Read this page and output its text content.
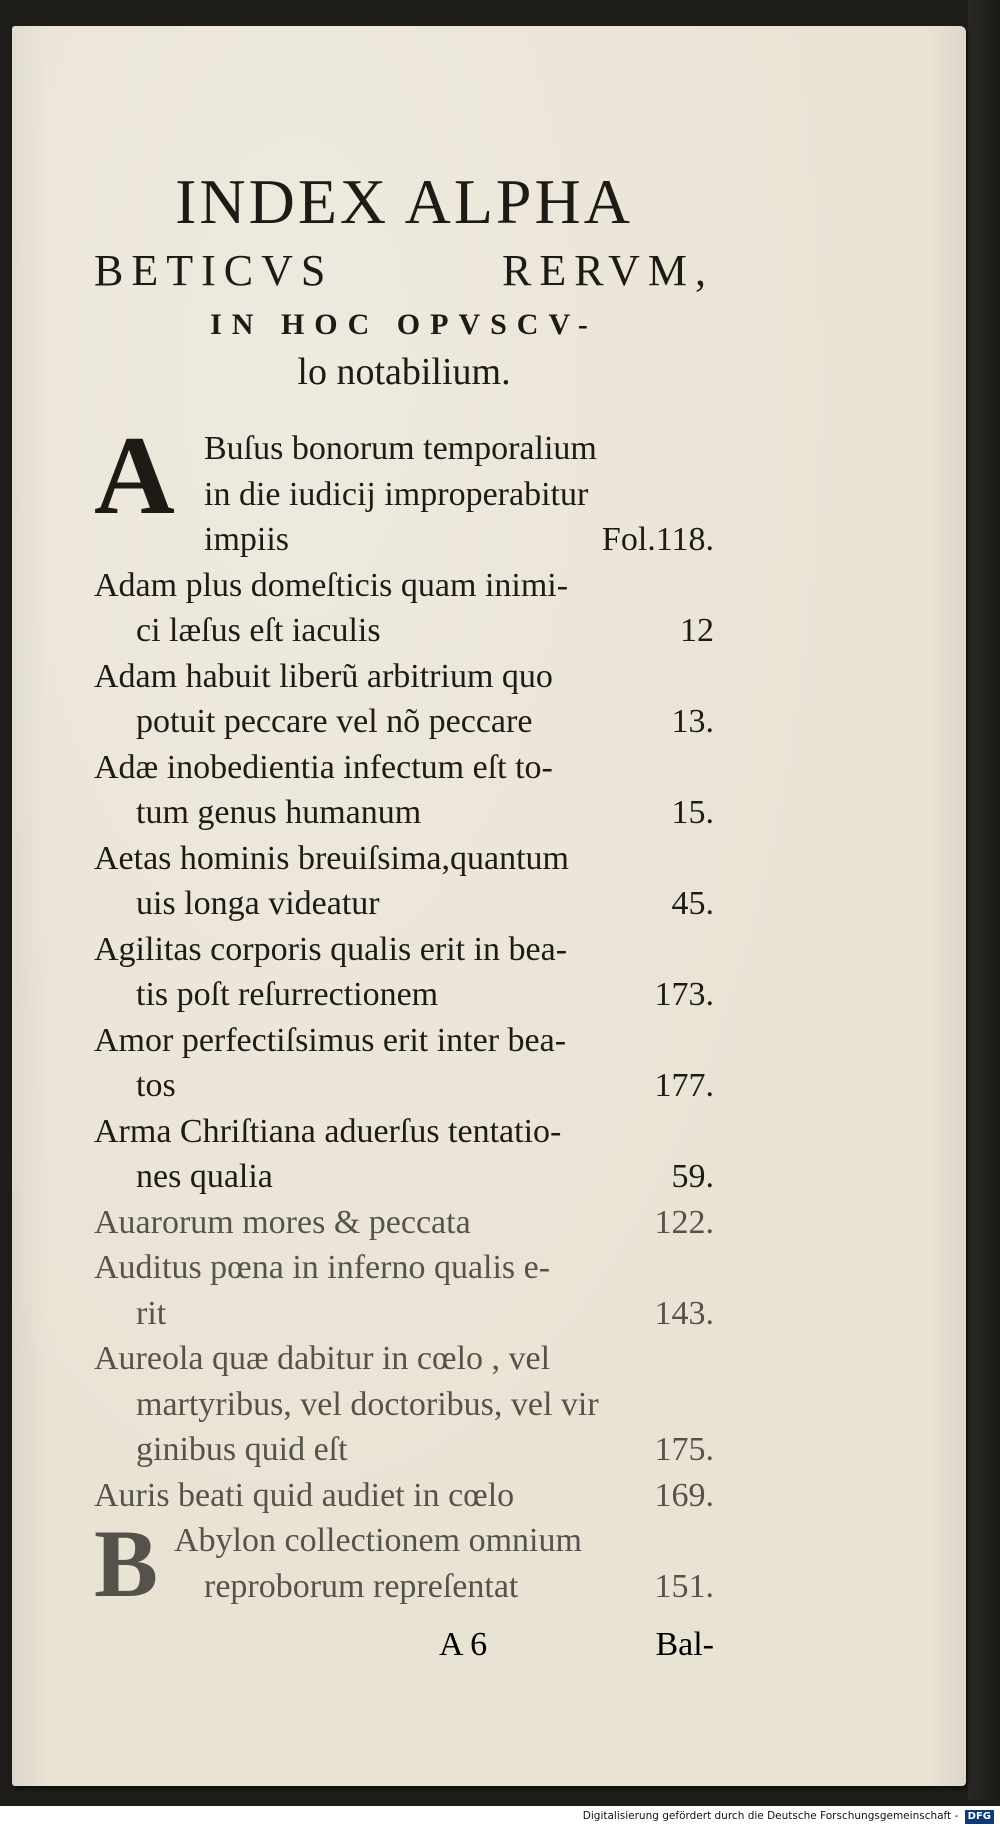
INDEX ALPHA

BETICVS RERVM,

IN HOC OPVSCV-

lo notabilium.

A Buſus bonorum temporalium
in die iudicij improperabitur
impiis	Fol.118.
Adam plus domeſticis quam inimi-
ci læſus eſt iaculis	12
Adam habuit liberũ arbitrium quo
potuit peccare vel nõ peccare	13.
Adæ inobedientia infectum eſt to-
tum genus humanum	15.
Aetas hominis breuiſsima,quantum
uis longa videatur	45.
Agilitas corporis qualis erit in bea-
tis poſt reſurrectionem	173.
Amor perfectiſsimus erit inter bea-
tos	177.
Arma Chriſtiana aduerſus tentatio-
nes qualia	59.
Auarorum mores & peccata	122.
Auditus pœna in inferno qualis e-
rit	143.
Aureola quæ dabitur in cœlo , vel
martyribus, vel doctoribus, vel vir
ginibus quid eſt	175.
Auris beati quid audiet in cœlo	169.
B Abylon collectionem omnium
reproborum repreſentat	151.
A 6	Bal-
Digitalisierung gefördert durch die Deutsche Forschungsgemeinschaft - DFG
